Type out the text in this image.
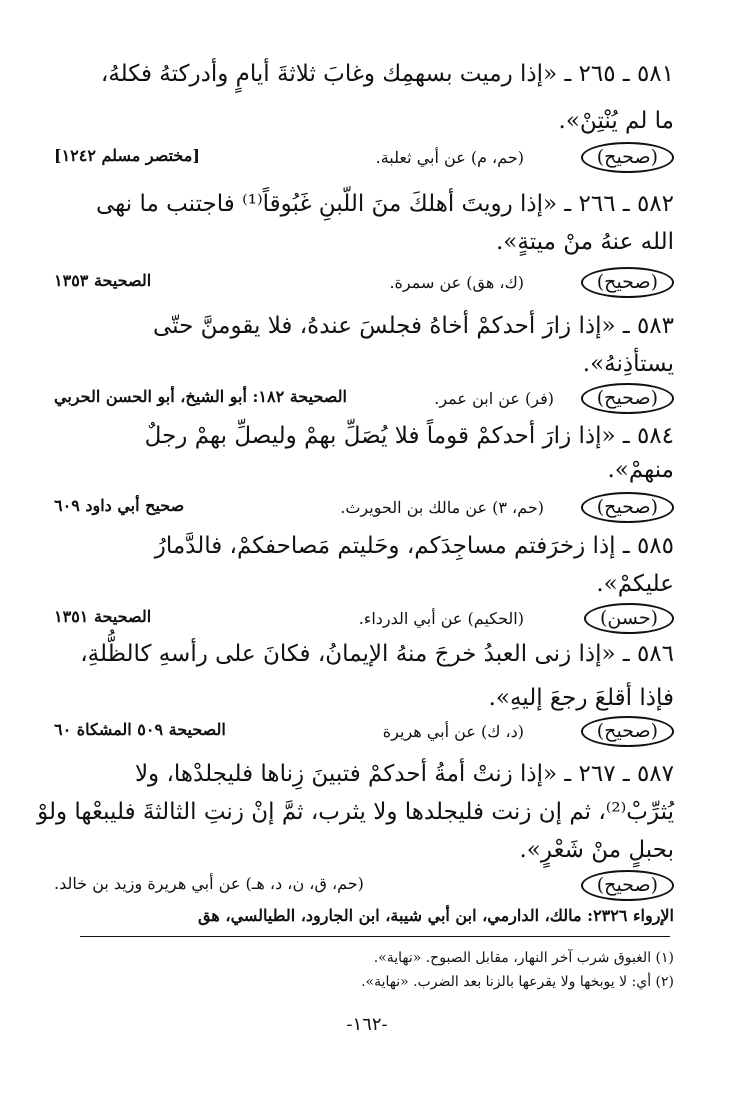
٥٨١ ـ ٢٦٥ ـ «إذا رميت بسهمِك وغابَ ثلاثةَ أيامٍ وأدركتهُ فكلهُ،
ما لم يُنْتِنْ».
(صحيح)
(حم، م) عن أبي ثعلبة.
[مختصر مسلم ١٢٤٢]
٥٨٢ ـ ٢٦٦ ـ «إذا رويتَ أهلكَ منَ اللّبنِ غَبُوقاً⁽¹⁾ فاجتنب ما نهى
الله عنهُ منْ ميتةٍ».
(صحيح)
(ك، هق) عن سمرة.
الصحيحة ١٣٥٣
٥٨٣ ـ «إذا زارَ أحدكمْ أخاهُ فجلسَ عندهُ، فلا يقومنَّ حتّى
يستأذِنهُ».
(صحيح)
(فر) عن ابن عمر.
الصحيحة ١٨٢: أبو الشيخ، أبو الحسن الحربي
٥٨٤ ـ «إذا زارَ أحدكمْ قوماً فلا يُصَلِّ بهمْ وليصلِّ بهمْ رجلٌ
منهمْ».
(صحيح)
(حم، ٣) عن مالك بن الحويرث.
صحيح أبي داود ٦٠٩
٥٨٥ ـ إذا زخرَفتم مساجِدَكم، وحَليتم مَصاحفكمْ، فالدَّمارُ
عليكمْ».
(حسن)
(الحكيم) عن أبي الدرداء.
الصحيحة ١٣٥١
٥٨٦ ـ «إذا زنى العبدُ خرجَ منهُ الإيمانُ، فكانَ على رأسهِ كالظُّلةِ،
فإذا أقلعَ رجعَ إليهِ».
(صحيح)
(د، ك) عن أبي هريرة
الصحيحة ٥٠٩ المشكاة ٦٠
٥٨٧ ـ ٢٦٧ ـ «إذا زنتْ أمةُ أحدكمْ فتبينَ زِناها فليجلدْها، ولا
يُثرِّبْ⁽²⁾، ثم إن زنت فليجلدها ولا يثرب، ثمَّ إنْ زنتِ الثالثةَ فليبعْها ولوْ
بحبلٍ منْ شَعْرٍ».
(صحيح)
(حم، ق، ن، د، هـ) عن أبي هريرة وزيد بن خالد.
الإرواء ٢٣٢٦: مالك، الدارمي، ابن أبي شيبة، ابن الجارود، الطيالسي، هق
(١) الغبوق شرب آخر النهار، مقابل الصبوح. «نهاية».
(٢) أي: لا يوبخها ولا يقرعها بالزنا بعد الضرب. «نهاية».
-١٦٢-
